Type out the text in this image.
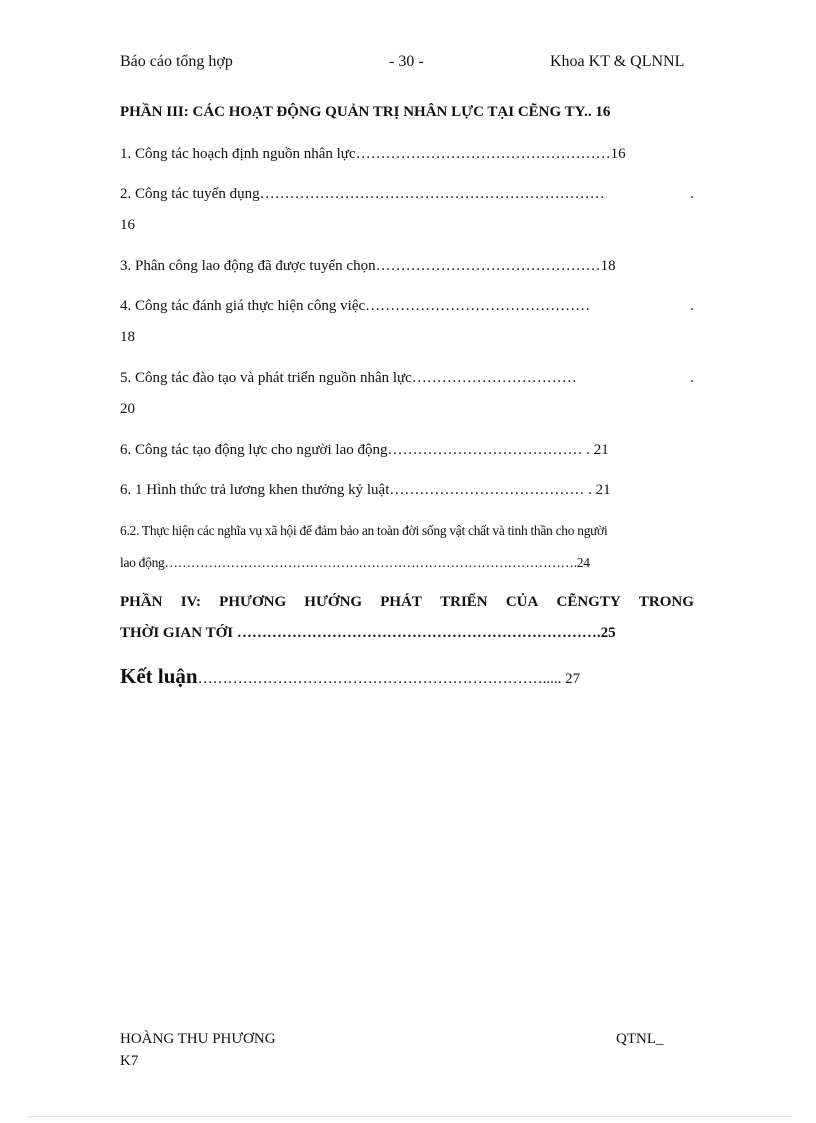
Báo cáo tổng hợp	- 30 -	Khoa KT & QLNNL
PHẦN III: CÁC HOẠT ĐỘNG QUẢN TRỊ NHÂN LỰC TẠI CẼNG TY.. 16
1. Công tác hoạch định nguồn nhân lực……………………………………………16
2. Công tác tuyển dụng……………………………………………………………	.
16
3. Phân công lao động đã được tuyển chọn………………………………………18
4. Công tác đánh giá thực hiện công việc………………………………………	.
18
5. Công tác đào tạo và phát triển nguồn nhân lực……………………………	.
20
6. Công tác tạo động lực cho người lao động………………………………… . 21
6. 1 Hình thức trả lương khen thưởng kỷ luật………………………………… . 21
6.2. Thực hiện các nghĩa vụ xã hội để đảm bảo an toàn đời sống vật chất và tinh thần cho người
lao động………………………………………………………………………………….24
PHẦN IV: PHƯƠNG HƯỚNG PHÁT TRIỂN CỦA CẼNGTY TRONG
THỜI GIAN TỚI ……………………………………………………………….25
Kết luận……………………………………………………………..... 27
HOÀNG THU PHƯƠNG	QTNL_
K7
